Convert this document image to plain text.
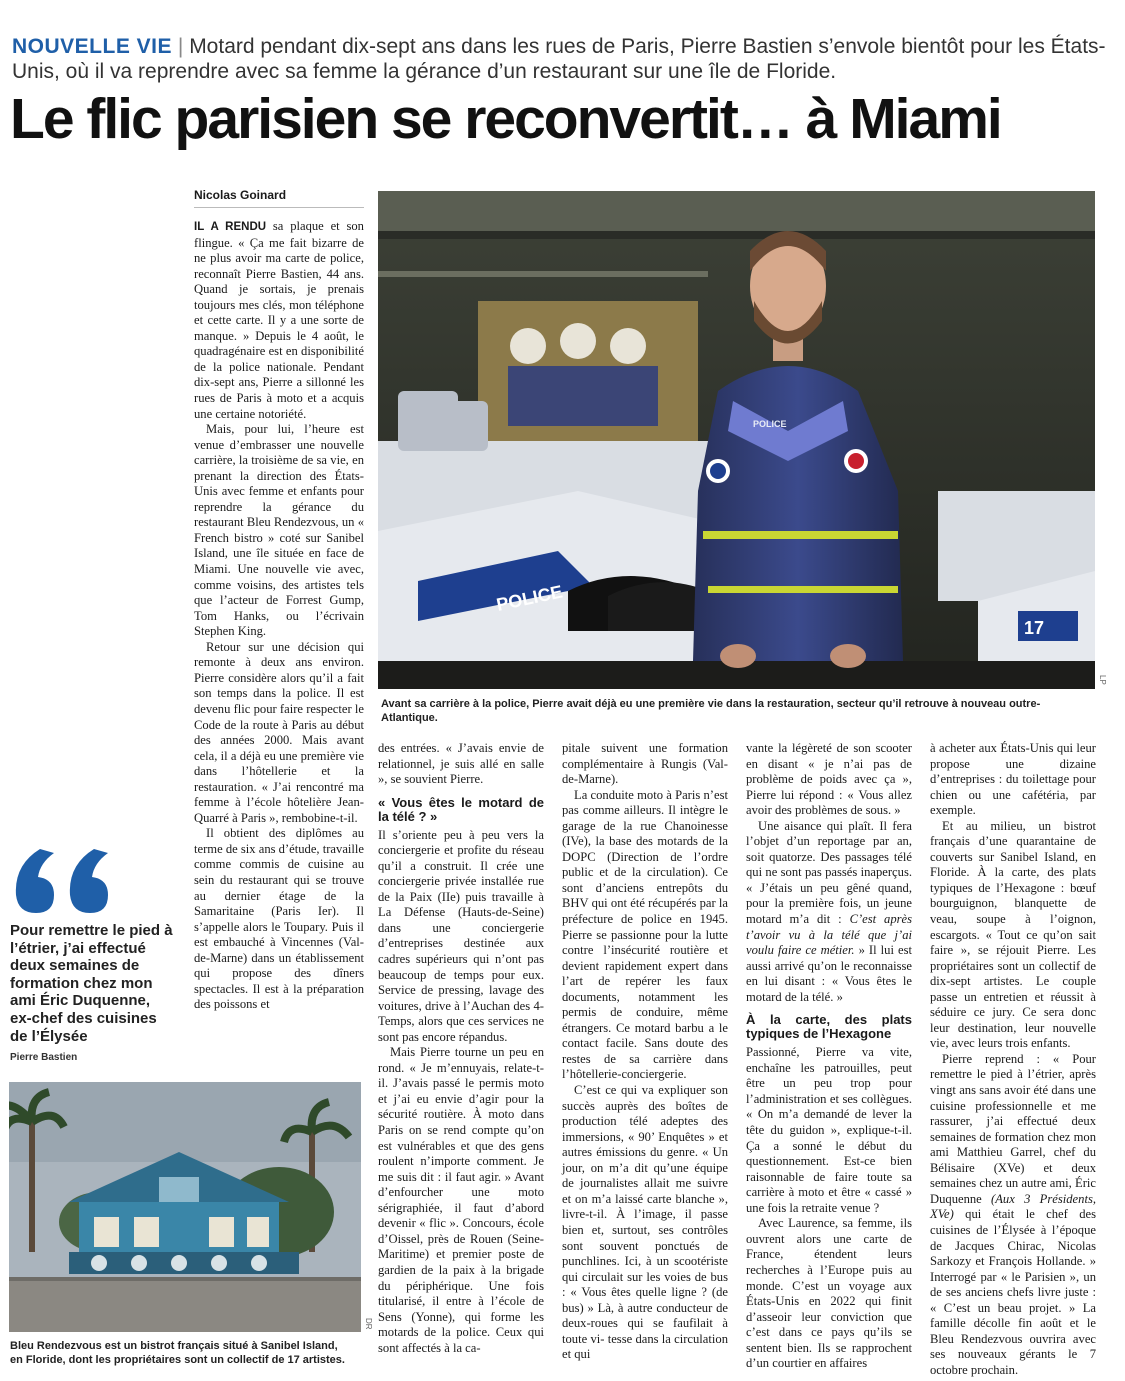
NOUVELLE VIE | Motard pendant dix-sept ans dans les rues de Paris, Pierre Bastien s’envole bientôt pour les États-Unis, où il va reprendre avec sa femme la gérance d’un restaurant sur une île de Floride.
Le flic parisien se reconvertit… à Miami
Nicolas Goinard

IL A RENDU sa plaque et son flingue. « Ça me fait bizarre de ne plus avoir ma carte de police, reconnaît Pierre Bastien, 44 ans. Quand je sortais, je prenais toujours mes clés, mon téléphone et cette carte. Il y a une sorte de manque. » Depuis le 4 août, le quadragénaire est en disponibilité de la police nationale. Pendant dix-sept ans, Pierre a sillonné les rues de Paris à moto et a acquis une certaine notoriété.

Mais, pour lui, l’heure est venue d’embrasser une nouvelle carrière, la troisième de sa vie, en prenant la direction des États-Unis avec femme et enfants pour reprendre la gérance du restaurant Bleu Rendezvous, un « French bistro » coté sur Sanibel Island, une île située en face de Miami. Une nouvelle vie avec, comme voisins, des artistes tels que l’acteur de Forrest Gump, Tom Hanks, ou l’écrivain Stephen King.

Retour sur une décision qui remonte à deux ans environ. Pierre considère alors qu’il a fait son temps dans la police. Il est devenu flic pour faire respecter le Code de la route à Paris au début des années 2000. Mais avant cela, il a déjà eu une première vie dans l’hôtellerie et la restauration. « J’ai rencontré ma femme à l’école hôtelière Jean-Quarré à Paris », rembobine-t-il.

Il obtient des diplômes au terme de six ans d’étude, travaille comme commis de cuisine au sein du restaurant qui se trouve au dernier étage de la Samaritaine (Paris Ier). Il s’appelle alors le Toupary. Puis il est embauché à Vincennes (Val-de-Marne) dans un établissement qui propose des dîners spectacles. Il est à la préparation des poissons et

POLICE
17
POLICE
LP
Avant sa carrière à la police, Pierre avait déjà eu une première vie dans la restauration, secteur qu’il retrouve à nouveau outre-Atlantique.

des entrées. « J’avais envie de relationnel, je suis allé en salle », se souvient Pierre.

« Vous êtes le motard de la télé ? »

Il s’oriente peu à peu vers la conciergerie et profite du réseau qu’il a construit. Il crée une conciergerie privée installée rue de la Paix (IIe) puis travaille à La Défense (Hauts-de-Seine) dans une conciergerie d’entreprises destinée aux cadres supérieurs qui n’ont pas beaucoup de temps pour eux. Service de pressing, lavage des voitures, drive à l’Auchan des 4-Temps, alors que ces services ne sont pas encore répandus.

Mais Pierre tourne un peu en rond. « Je m’ennuyais, relate-t-il. J’avais passé le permis moto et j’ai eu envie d’agir pour la sécurité routière. À moto dans Paris on se rend compte qu’on est vulnérables et que des gens roulent n’importe comment. Je me suis dit : il faut agir. » Avant d’enfourcher une moto sérigraphiée, il faut d’abord devenir « flic ». Concours, école d’Oissel, près de Rouen (Seine-Maritime) et premier poste de gardien de la paix à la brigade du périphérique. Une fois titularisé, il entre à l’école de Sens (Yonne), qui forme les motards de la police. Ceux qui sont affectés à la ca-

pitale suivent une formation complémentaire à Rungis (Val-de-Marne).

La conduite moto à Paris n’est pas comme ailleurs. Il intègre le garage de la rue Chanoinesse (IVe), la base des motards de la DOPC (Direction de l’ordre public et de la circulation). Ce sont d’anciens entrepôts du BHV qui ont été récupérés par la préfecture de police en 1945. Pierre se passionne pour la lutte contre l’insécurité routière et devient rapidement expert dans l’art de repérer les faux documents, notamment les permis de conduire, même étrangers. Ce motard barbu a le contact facile. Sans doute des restes de sa carrière dans l’hôtellerie-conciergerie.

C’est ce qui va expliquer son succès auprès des boîtes de production télé adeptes des immersions, « 90’ Enquêtes » et autres émissions du genre. « Un jour, on m’a dit qu’une équipe de journalistes allait me suivre et on m’a laissé carte blanche », livre-t-il. À l’image, il passe bien et, surtout, ses contrôles sont souvent ponctués de punchlines. Ici, à un scootériste qui circulait sur les voies de bus : « Vous êtes quelle ligne ? (de bus) » Là, à autre conducteur de deux-roues qui se faufilait à toute vi- tesse dans la circulation et qui

vante la légèreté de son scooter en disant « je n’ai pas de problème de poids avec ça », Pierre lui répond : « Vous allez avoir des problèmes de sous. »

Une aisance qui plaît. Il fera l’objet d’un reportage par an, soit quatorze. Des passages télé qui ne sont pas passés inaperçus. « J’étais un peu gêné quand, pour la première fois, un jeune motard m’a dit : C’est après t’avoir vu à la télé que j’ai voulu faire ce métier. » Il lui est aussi arrivé qu’on le reconnaisse en lui disant : « Vous êtes le motard de la télé. »

À la carte, des plats typiques de l’Hexagone

Passionné, Pierre va vite, enchaîne les patrouilles, peut être un peu trop pour l’administration et ses collègues. « On m’a demandé de lever la tête du guidon », explique-t-il. Ça a sonné le début du questionnement. Est-ce bien raisonnable de faire toute sa carrière à moto et être « cassé » une fois la retraite venue ?

Avec Laurence, sa femme, ils ouvrent alors une carte de France, étendent leurs recherches à l’Europe puis au monde. C’est un voyage aux États-Unis en 2022 qui finit d’asseoir leur conviction que c’est dans ce pays qu’ils se sentent bien. Ils se rapprochent d’un courtier en affaires

à acheter aux États-Unis qui leur propose une dizaine d’entreprises : du toilettage pour chien ou une cafétéria, par exemple.

Et au milieu, un bistrot français d’une quarantaine de couverts sur Sanibel Island, en Floride. À la carte, des plats typiques de l’Hexagone : bœuf bourguignon, blanquette de veau, soupe à l’oignon, escargots. « Tout ce qu’on sait faire », se réjouit Pierre. Les propriétaires sont un collectif de dix-sept artistes. Le couple passe un entretien et réussit à séduire ce jury. Ce sera donc leur destination, leur nouvelle vie, avec leurs trois enfants.

Pierre reprend : « Pour remettre le pied à l’étrier, après vingt ans sans avoir été dans une cuisine professionnelle et me rassurer, j’ai effectué deux semaines de formation chez mon ami Matthieu Garrel, chef du Bélisaire (XVe) et deux semaines chez un autre ami, Éric Duquenne (Aux 3 Présidents, XVe) qui était le chef des cuisines de l’Élysée à l’époque de Jacques Chirac, Nicolas Sarkozy et François Hollande. » Interrogé par « le Parisien », un de ses anciens chefs livre juste : « C’est un beau projet. » La famille décolle fin août et le Bleu Rendezvous ouvrira avec ses nouveaux gérants le 7 octobre prochain.

Pour remettre le pied à l’étrier, j’ai effectué deux semaines de formation chez mon ami Éric Duquenne, ex-chef des cuisines de l’Élysée
Pierre Bastien
DR
Bleu Rendezvous est un bistrot français situé à Sanibel Island, en Floride, dont les propriétaires sont un collectif de 17 artistes.
